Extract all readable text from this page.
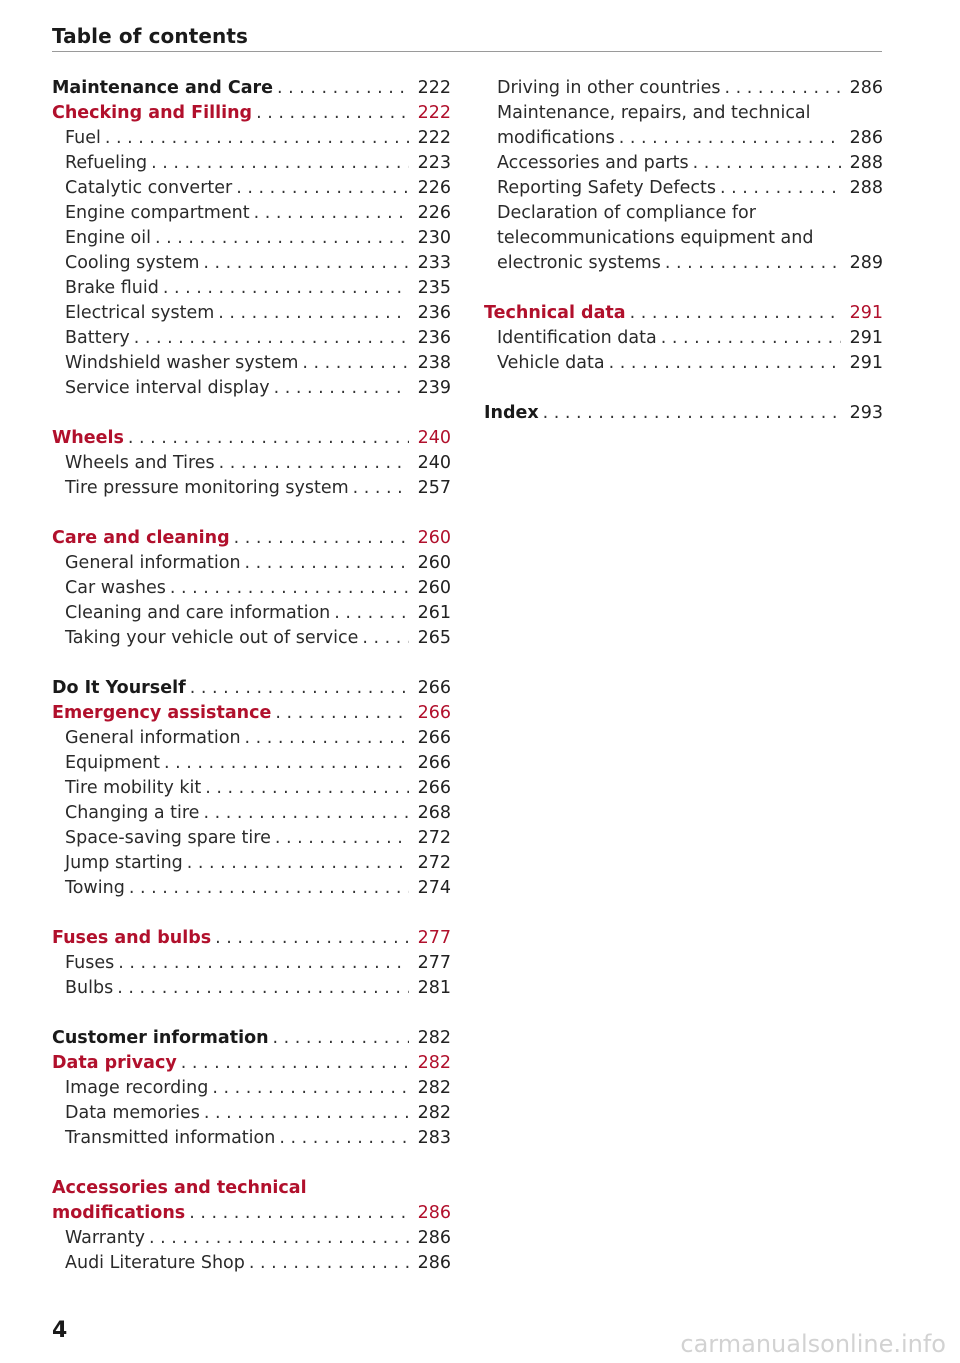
Table of contents
Maintenance and Care . . .	222
Checking and Filling . . .	222
Fuel . . .	222
Refueling . . .	223
Catalytic converter . . .	226
Engine compartment . . .	226
Engine oil . . .	230
Cooling system . . .	233
Brake fluid . . .	235
Electrical system . . .	236
Battery . . .	236
Windshield washer system . . .	238
Service interval display . . .	239
Wheels . . .	240
Wheels and Tires . . .	240
Tire pressure monitoring system . . .	257
Care and cleaning . . .	260
General information . . .	260
Car washes . . .	260
Cleaning and care information . . .	261
Taking your vehicle out of service . . .	265
Do It Yourself . . .	266
Emergency assistance . . .	266
General information . . .	266
Equipment . . .	266
Tire mobility kit . . .	266
Changing a tire . . .	268
Space-saving spare tire . . .	272
Jump starting . . .	272
Towing . . .	274
Fuses and bulbs . . .	277
Fuses . . .	277
Bulbs . . .	281
Customer information . . .	282
Data privacy . . .	282
Image recording . . .	282
Data memories . . .	282
Transmitted information . . .	283
Accessories and technical
modifications . . .	286
Warranty . . .	286
Audi Literature Shop . . .	286
Driving in other countries . . .	286
Maintenance, repairs, and technical
modifications . . .	286
Accessories and parts . . .	288
Reporting Safety Defects . . .	288
Declaration of compliance for
telecommunications equipment and
electronic systems . . .	289
Technical data . . .	291
Identification data . . .	291
Vehicle data . . .	291
Index . . .	293
4	carmanualsonline.info
